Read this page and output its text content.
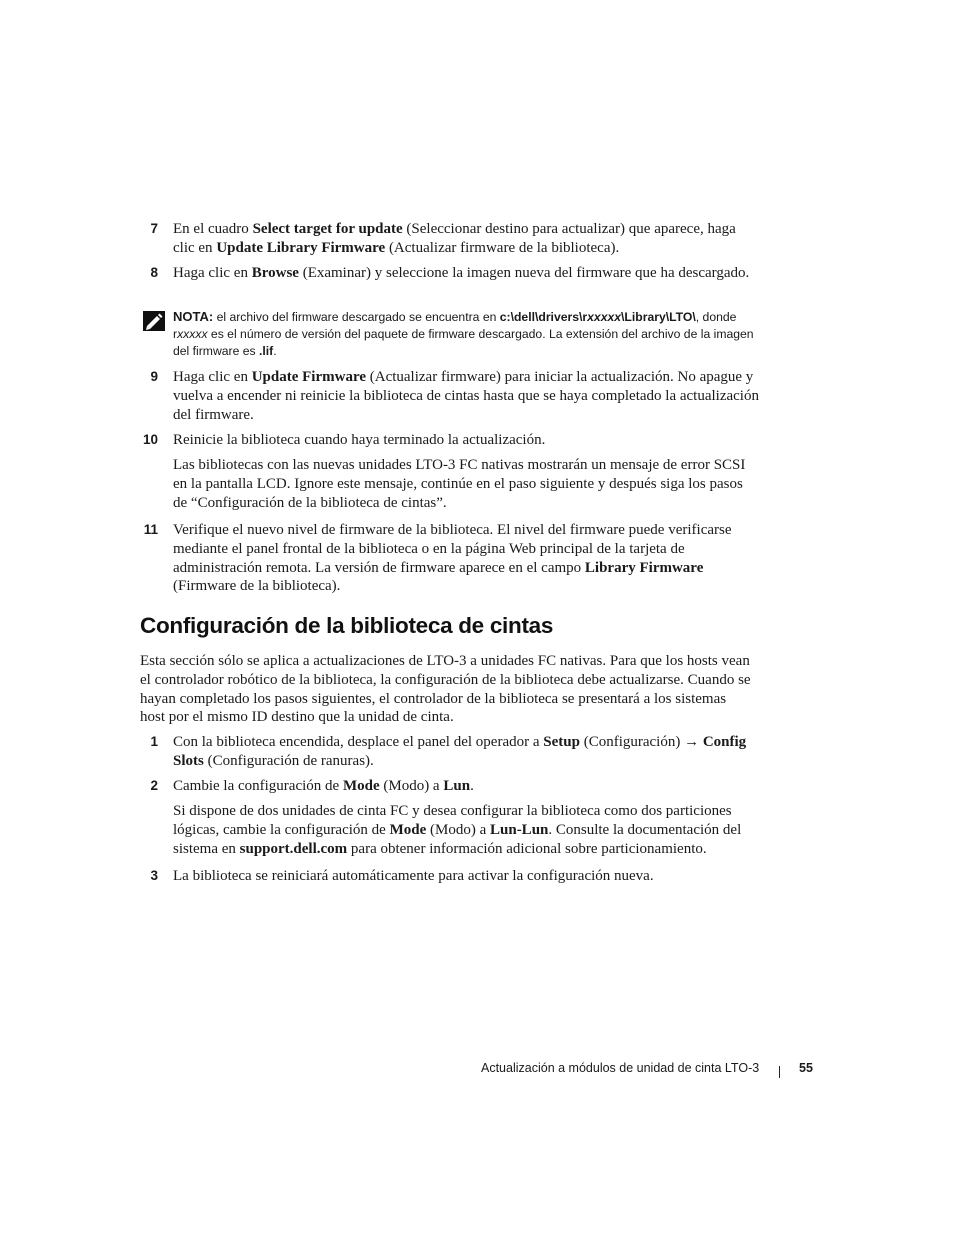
7 En el cuadro Select target for update (Seleccionar destino para actualizar) que aparece, haga clic en Update Library Firmware (Actualizar firmware de la biblioteca).
8 Haga clic en Browse (Examinar) y seleccione la imagen nueva del firmware que ha descargado.
NOTA: el archivo del firmware descargado se encuentra en c:\dell\drivers\rxxxxx\Library\LTO\, donde rxxxxx es el número de versión del paquete de firmware descargado. La extensión del archivo de la imagen del firmware es .lif.
9 Haga clic en Update Firmware (Actualizar firmware) para iniciar la actualización. No apague y vuelva a encender ni reinicie la biblioteca de cintas hasta que se haya completado la actualización del firmware.
10 Reinicie la biblioteca cuando haya terminado la actualización.
Las bibliotecas con las nuevas unidades LTO-3 FC nativas mostrarán un mensaje de error SCSI en la pantalla LCD. Ignore este mensaje, continúe en el paso siguiente y después siga los pasos de “Configuración de la biblioteca de cintas”.
11 Verifique el nuevo nivel de firmware de la biblioteca. El nivel del firmware puede verificarse mediante el panel frontal de la biblioteca o en la página Web principal de la tarjeta de administración remota. La versión de firmware aparece en el campo Library Firmware (Firmware de la biblioteca).
Configuración de la biblioteca de cintas
Esta sección sólo se aplica a actualizaciones de LTO-3 a unidades FC nativas. Para que los hosts vean el controlador robótico de la biblioteca, la configuración de la biblioteca debe actualizarse. Cuando se hayan completado los pasos siguientes, el controlador de la biblioteca se presentará a los sistemas host por el mismo ID destino que la unidad de cinta.
1 Con la biblioteca encendida, desplace el panel del operador a Setup (Configuración) → Config Slots (Configuración de ranuras).
2 Cambie la configuración de Mode (Modo) a Lun.
Si dispone de dos unidades de cinta FC y desea configurar la biblioteca como dos particiones lógicas, cambie la configuración de Mode (Modo) a Lun-Lun. Consulte la documentación del sistema en support.dell.com para obtener información adicional sobre particionamiento.
3 La biblioteca se reiniciará automáticamente para activar la configuración nueva.
Actualización a módulos de unidad de cinta LTO-3	55
